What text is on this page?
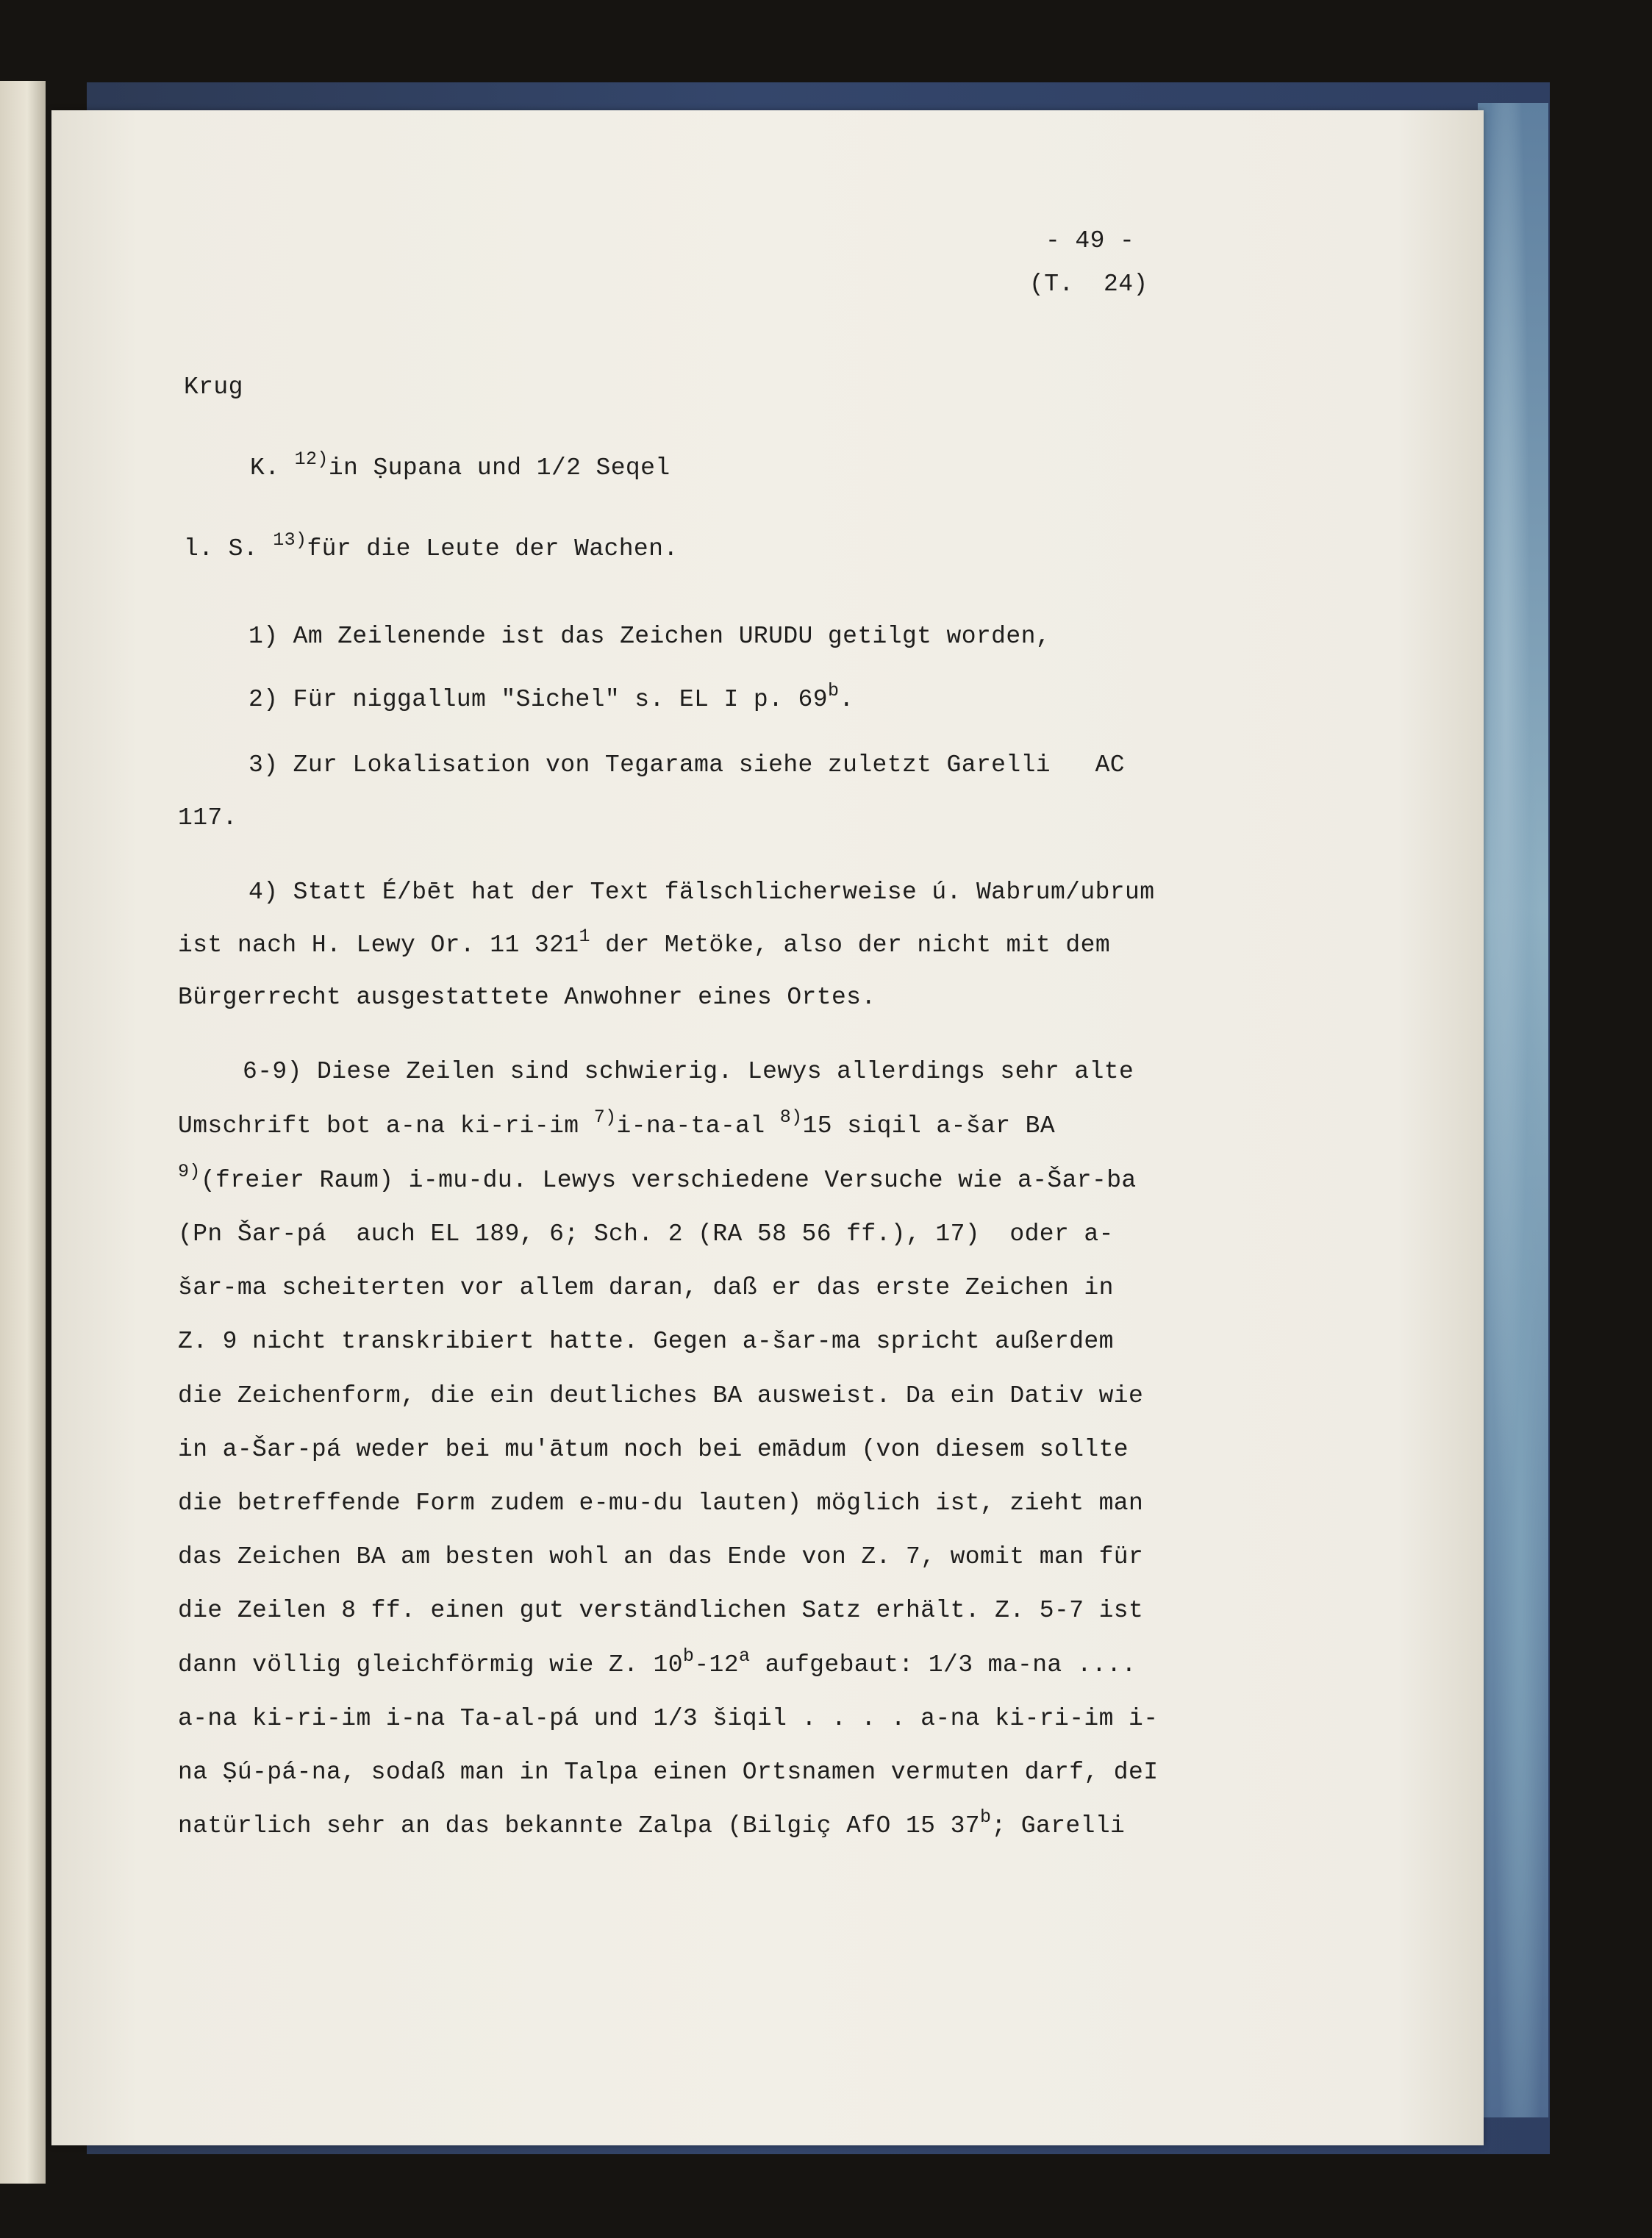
- 49 -

(T.  24)

Krug

K. $^{12)}$in Ṣupana und 1/2 Seqel

l. S. $^{13)}$für die Leute der Wachen.

1) Am Zeilenende ist das Zeichen URUDU getilgt worden,

2) Für niggallum "Sichel" s. EL I p. 69$^b$.

3) Zur Lokalisation von Tegarama siehe zuletzt Garelli   AC

117.

4) Statt É/bēt hat der Text fälschlicherweise ú. Wabrum/ubrum

ist nach H. Lewy Or. 11 $321^1$ der Metöke, also der nicht mit dem

Bürgerrecht ausgestattete Anwohner eines Ortes.

6-9) Diese Zeilen sind schwierig. Lewys allerdings sehr alte

Umschrift bot a-na ki-ri-im $^{7)}$i-na-ta-al $^{8)}$15 siqil a-šar BA

$^{9)}$(freier Raum) i-mu-du. Lewys verschiedene Versuche wie a-Šar-ba

(Pn Šar-pá  auch EL 189, 6; Sch. 2 (RA 58 56 ff.), 17)  oder a-

šar-ma scheiterten vor allem daran, daß er das erste Zeichen in

Z. 9 nicht transkribiert hatte. Gegen a-šar-ma spricht außerdem

die Zeichenform, die ein deutliches BA ausweist. Da ein Dativ wie

in a-Šar-pá weder bei mu'ātum noch bei emādum (von diesem sollte

die betreffende Form zudem e-mu-du lauten) möglich ist, zieht man

das Zeichen BA am besten wohl an das Ende von Z. 7, womit man für

die Zeilen 8 ff. einen gut verständlichen Satz erhält. Z. 5-7 ist

dann völlig gleichförmig wie Z. 10$^b$-12$^a$ aufgebaut: 1/3 ma-na ....

a-na ki-ri-im i-na Ta-al-pá und 1/3 šiqil . . . . a-na ki-ri-im i-

na Ṣú-pá-na, sodaß man in Talpa einen Ortsnamen vermuten darf, deI

natürlich sehr an das bekannte Zalpa (Bilgiç AfO 15 37$^b$; Garelli
